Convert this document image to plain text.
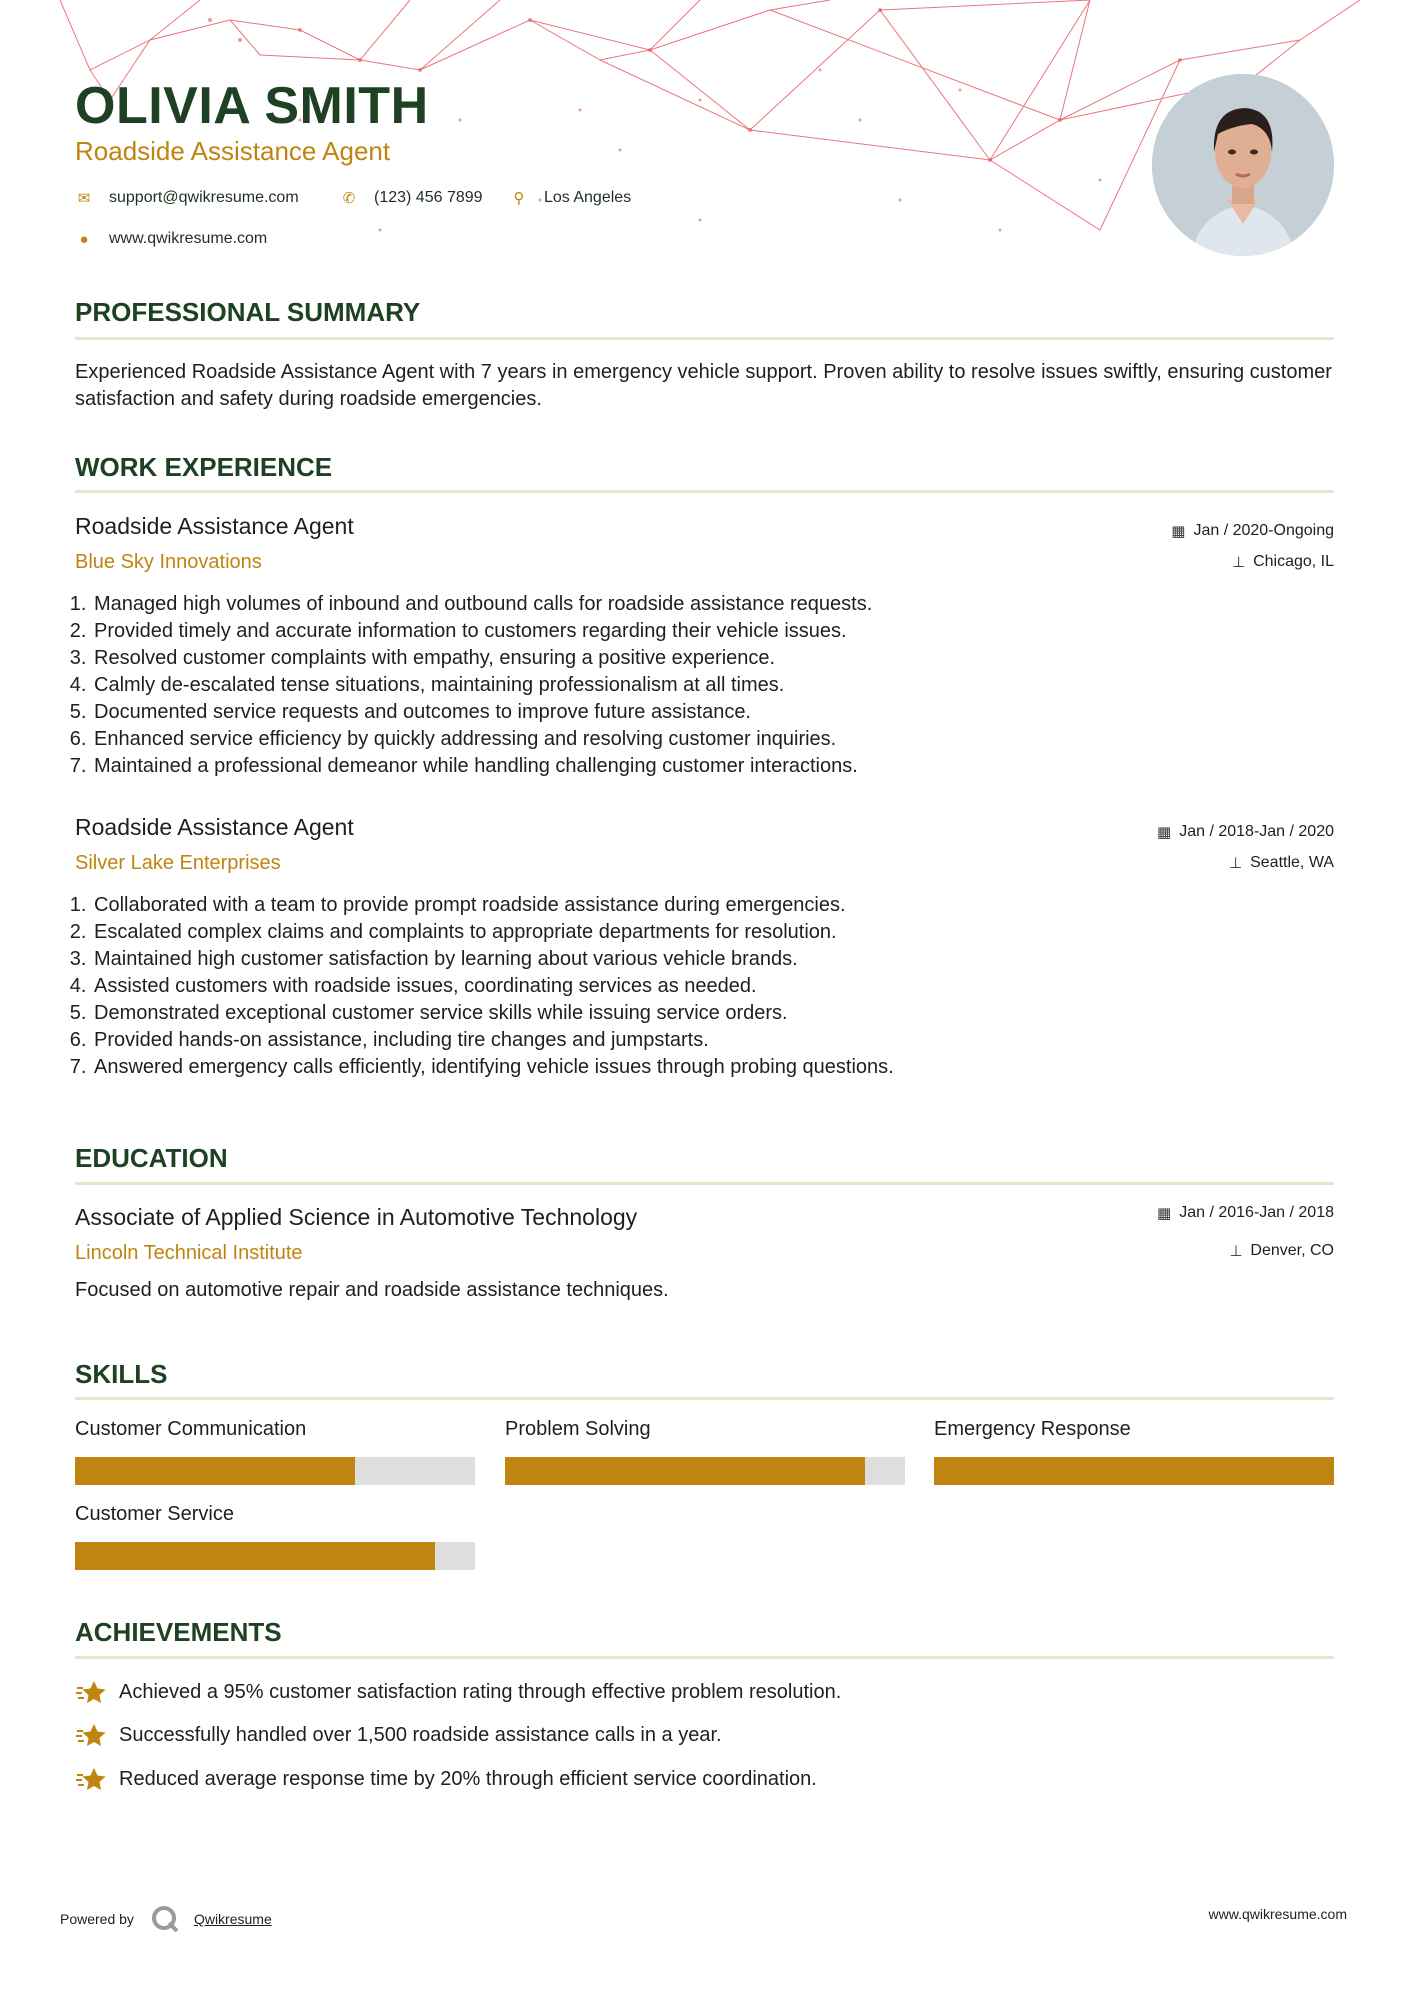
OLIVIA SMITH
Roadside Assistance Agent
✉ support@qwikresume.com	✆ (123) 456 7899 ⚲ Los Angeles
● www.qwikresume.com
PROFESSIONAL SUMMARY
Experienced Roadside Assistance Agent with 7 years in emergency vehicle support. Proven ability to resolve issues swiftly, ensuring customer satisfaction and safety during roadside emergencies.
WORK EXPERIENCE
Roadside Assistance Agent
Blue Sky Innovations
▦ Jan / 2020-Ongoing
⊥ Chicago, IL
1. Managed high volumes of inbound and outbound calls for roadside assistance requests.
2. Provided timely and accurate information to customers regarding their vehicle issues.
3. Resolved customer complaints with empathy, ensuring a positive experience.
4. Calmly de-escalated tense situations, maintaining professionalism at all times.
5. Documented service requests and outcomes to improve future assistance.
6. Enhanced service efficiency by quickly addressing and resolving customer inquiries.
7. Maintained a professional demeanor while handling challenging customer interactions.
Roadside Assistance Agent
Silver Lake Enterprises
▦ Jan / 2018-Jan / 2020
⊥ Seattle, WA
1. Collaborated with a team to provide prompt roadside assistance during emergencies.
2. Escalated complex claims and complaints to appropriate departments for resolution.
3. Maintained high customer satisfaction by learning about various vehicle brands.
4. Assisted customers with roadside issues, coordinating services as needed.
5. Demonstrated exceptional customer service skills while issuing service orders.
6. Provided hands-on assistance, including tire changes and jumpstarts.
7. Answered emergency calls efficiently, identifying vehicle issues through probing questions.
EDUCATION
Associate of Applied Science in Automotive Technology
Lincoln Technical Institute
▦ Jan / 2016-Jan / 2018
⊥ Denver, CO
Focused on automotive repair and roadside assistance techniques.
SKILLS
Customer Communication	Problem Solving	Emergency Response
Customer Service
ACHIEVEMENTS
Achieved a 95% customer satisfaction rating through effective problem resolution.
Successfully handled over 1,500 roadside assistance calls in a year.
Reduced average response time by 20% through efficient service coordination.
Powered by	Qwikresume	www.qwikresume.com
